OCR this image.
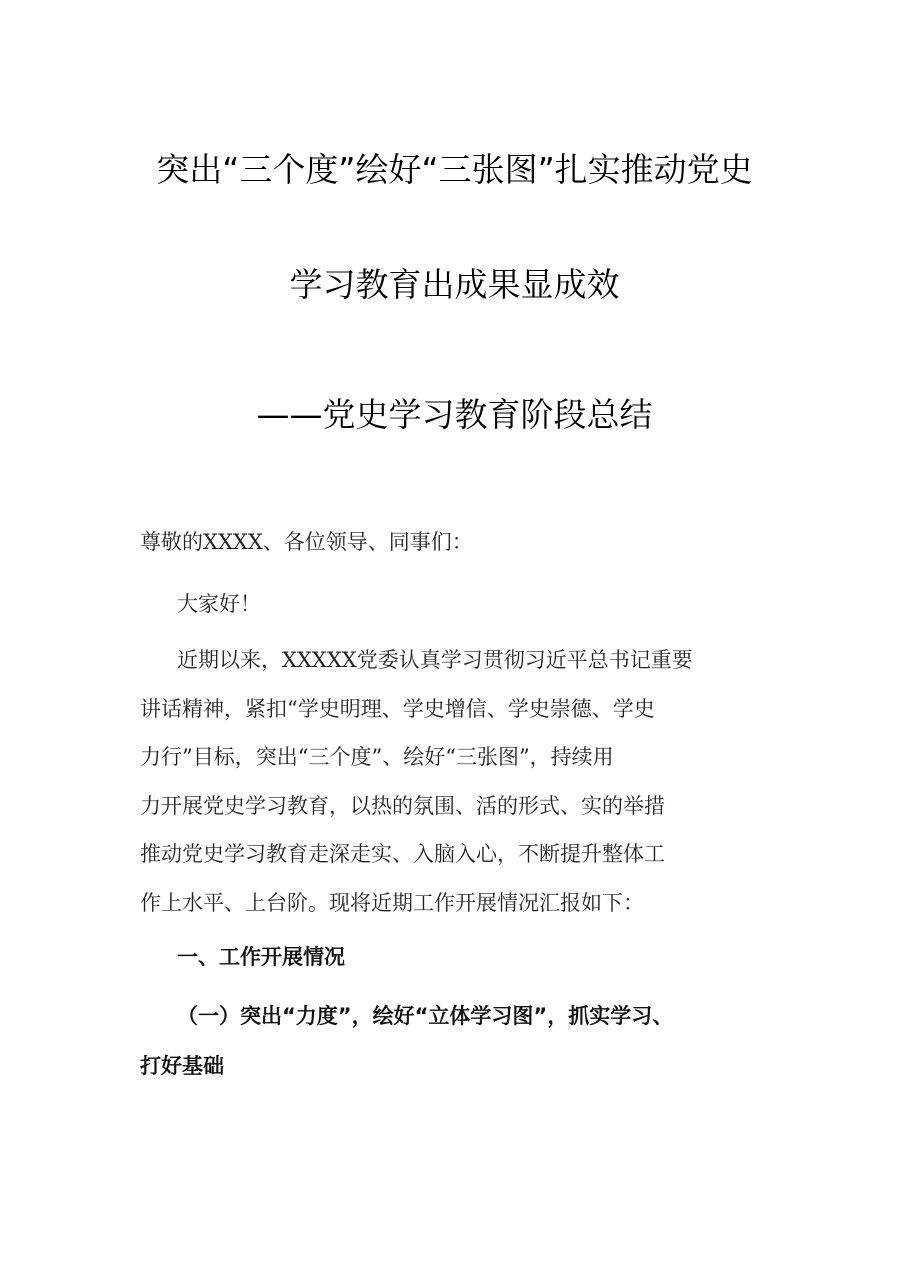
突出“三个度”绘好“三张图”扎实推动党史
学习教育出成果显成效
——党史学习教育阶段总结
尊敬的XXXX、各位领导、同事们：
大家好！
近期以来，XXXXX党委认真学习贯彻习近平总书记重要
讲话精神，紧扣“学史明理、学史增信、学史崇德、学史
力行”目标，突出“三个度”、绘好“三张图”，持续用
力开展党史学习教育，以热的氛围、活的形式、实的举措
推动党史学习教育走深走实、入脑入心，不断提升整体工
作上水平、上台阶。现将近期工作开展情况汇报如下：
一、工作开展情况
（一）突出“力度”，绘好“立体学习图”，抓实学习、
打好基础
